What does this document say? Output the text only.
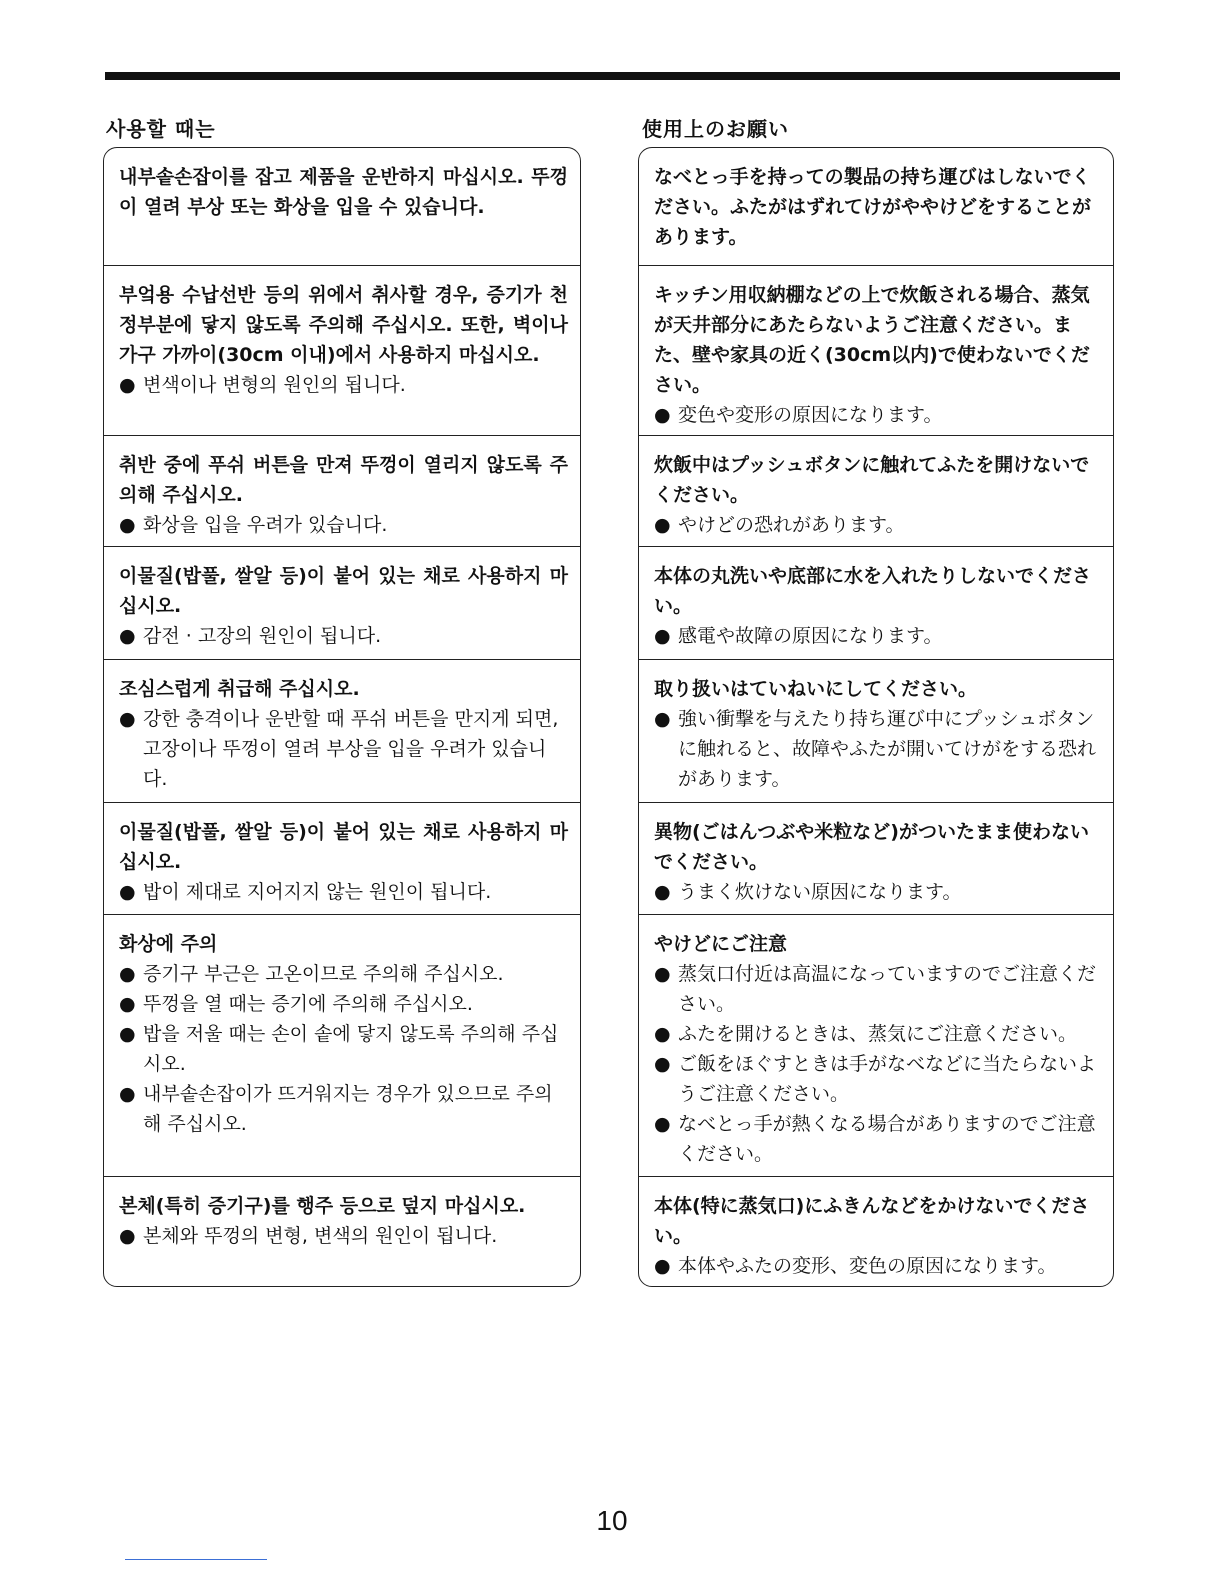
사용할 때는	使用上のお願い

내부솥손잡이를 잡고 제품을 운반하지 마십시오. 뚜껑이 열려 부상 또는 화상을 입을 수 있습니다.

부엌용 수납선반 등의 위에서 취사할 경우, 증기가 천정부분에 닿지 않도록 주의해 주십시오. 또한, 벽이나 가구 가까이(30cm 이내)에서 사용하지 마십시오.

● 변색이나 변형의 원인의 됩니다.

취반 중에 푸쉬 버튼을 만져 뚜껑이 열리지 않도록 주의해 주십시오.

● 화상을 입을 우려가 있습니다.

이물질(밥풀, 쌀알 등)이 붙어 있는 채로 사용하지 마십시오.

● 감전 · 고장의 원인이 됩니다.

조심스럽게 취급해 주십시오.

● 강한 충격이나 운반할 때 푸쉬 버튼을 만지게 되면, 고장이나 뚜껑이 열려 부상을 입을 우려가 있습니다.

이물질(밥풀, 쌀알 등)이 붙어 있는 채로 사용하지 마십시오.

● 밥이 제대로 지어지지 않는 원인이 됩니다.

화상에 주의

● 증기구 부근은 고온이므로 주의해 주십시오.

● 뚜껑을 열 때는 증기에 주의해 주십시오.

● 밥을 저울 때는 손이 솥에 닿지 않도록 주의해 주십시오.

● 내부솥손잡이가 뜨거워지는 경우가 있으므로 주의해 주십시오.

본체(특히 증기구)를 행주 등으로 덮지 마십시오.

● 본체와 뚜껑의 변형, 변색의 원인이 됩니다.

なべとっ手を持っての製品の持ち運びはしないでください。ふたがはずれてけがややけどをすることがあります。

キッチン用収納棚などの上で炊飯される場合、蒸気が天井部分にあたらないようご注意ください。また、壁や家具の近く(30cm以内)で使わないでください。

● 変色や変形の原因になります。

炊飯中はプッシュボタンに触れてふたを開けないでください。

● やけどの恐れがあります。

本体の丸洗いや底部に水を入れたりしないでください。

● 感電や故障の原因になります。

取り扱いはていねいにしてください。

● 強い衝撃を与えたり持ち運び中にプッシュボタンに触れると、故障やふたが開いてけがをする恐れがあります。

異物(ごはんつぶや米粒など)がついたまま使わないでください。

● うまく炊けない原因になります。

やけどにご注意

● 蒸気口付近は高温になっていますのでご注意ください。

● ふたを開けるときは、蒸気にご注意ください。

● ご飯をほぐすときは手がなべなどに当たらないようご注意ください。

● なべとっ手が熱くなる場合がありますのでご注意ください。

本体(特に蒸気口)にふきんなどをかけないでください。

● 本体やふたの変形、変色の原因になります。

10
